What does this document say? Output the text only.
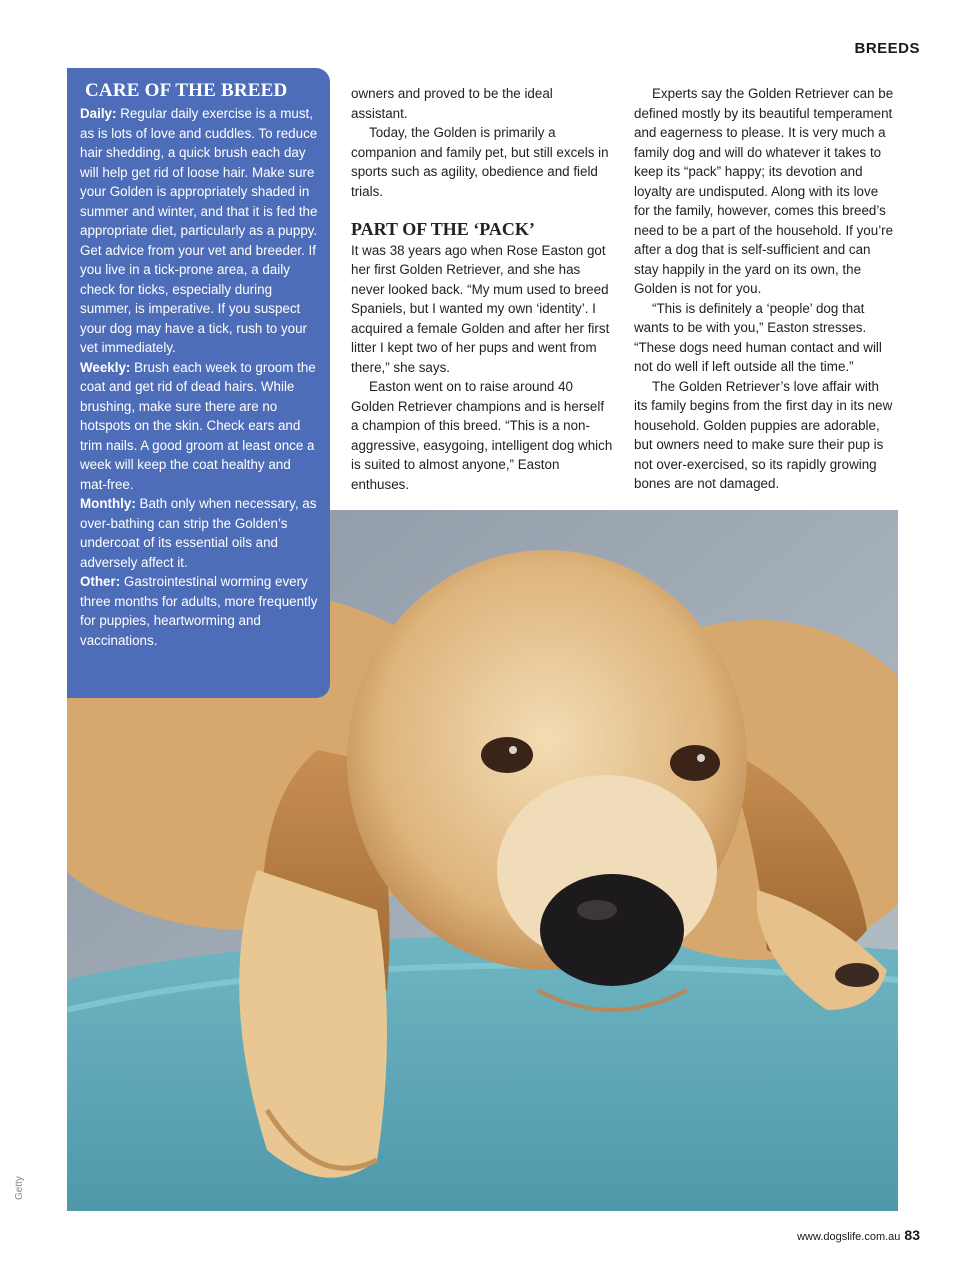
BREEDS
CARE OF THE BREED

Daily: Regular daily exercise is a must, as is lots of love and cuddles. To reduce hair shedding, a quick brush each day will help get rid of loose hair. Make sure your Golden is appropriately shaded in summer and winter, and that it is fed the appropriate diet, particularly as a puppy. Get advice from your vet and breeder. If you live in a tick-prone area, a daily check for ticks, especially during summer, is imperative. If you suspect your dog may have a tick, rush to your vet immediately.

Weekly: Brush each week to groom the coat and get rid of dead hairs. While brushing, make sure there are no hotspots on the skin. Check ears and trim nails. A good groom at least once a week will keep the coat healthy and mat-free.

Monthly: Bath only when necessary, as over-bathing can strip the Golden’s undercoat of its essential oils and adversely affect it.

Other: Gastrointestinal worming every three months for adults, more frequently for puppies, heartworming and vaccinations.

owners and proved to be the ideal assistant.

Today, the Golden is primarily a companion and family pet, but still excels in sports such as agility, obedience and field trials.

PART OF THE ‘PACK’

It was 38 years ago when Rose Easton got her first Golden Retriever, and she has never looked back. “My mum used to breed Spaniels, but I wanted my own ‘identity’. I acquired a female Golden and after her first litter I kept two of her pups and went from there,” she says.

Easton went on to raise around 40 Golden Retriever champions and is herself a champion of this breed. “This is a non-aggressive, easygoing, intelligent dog which is suited to almost anyone,” Easton enthuses.

Experts say the Golden Retriever can be defined mostly by its beautiful temperament and eagerness to please. It is very much a family dog and will do whatever it takes to keep its “pack” happy; its devotion and loyalty are undisputed. Along with its love for the family, however, comes this breed’s need to be a part of the household. If you’re after a dog that is self-sufficient and can stay happily in the yard on its own, the Golden is not for you.

“This is definitely a ‘people’ dog that wants to be with you,” Easton stresses. “These dogs need human contact and will not do well if left outside all the time.”

The Golden Retriever’s love affair with its family begins from the first day in its new household. Golden puppies are adorable, but owners need to make sure their pup is not over-exercised, so its rapidly growing bones are not damaged.

Getty
www.dogslife.com.au 83
